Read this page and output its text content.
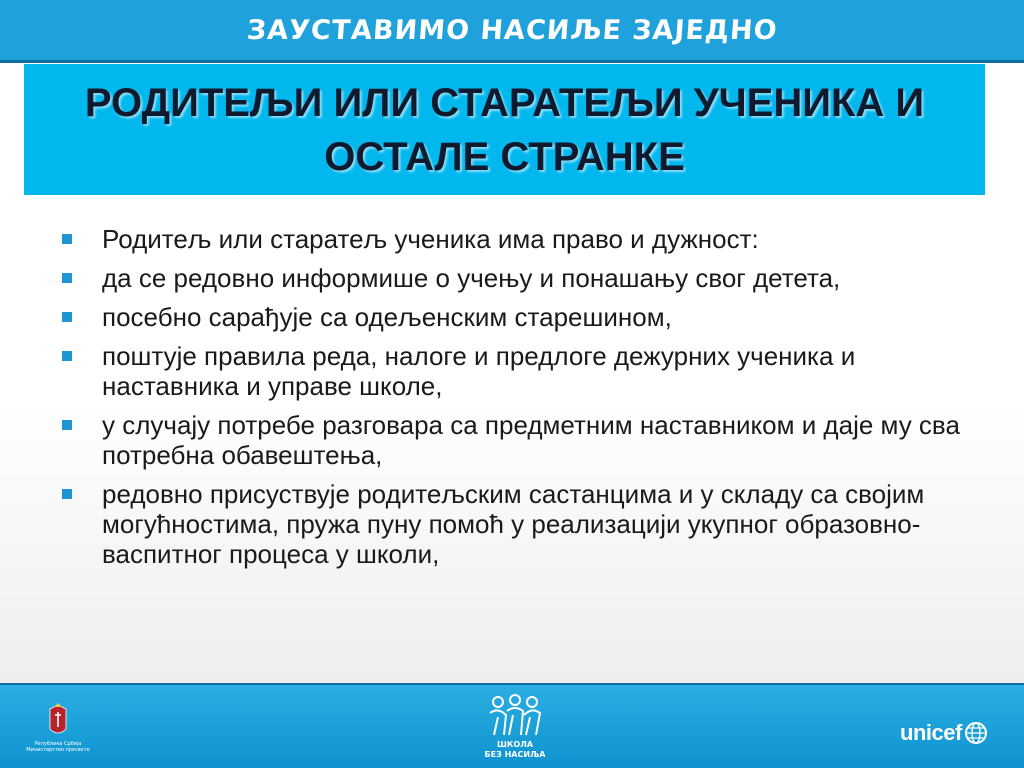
ЗАУСТАВИМО НАСИЉЕ ЗАЈЕДНО
РОДИТЕЉИ ИЛИ СТАРАТЕЉИ УЧЕНИКА И ОСТАЛЕ СТРАНКЕ
Родитељ или старатељ ученика има право и дужност:
да се редовно информише о учењу и понашању свог детета,
посебно сарађује са одељенским старешином,
поштује правила реда, налоге и предлоге дежурних ученика и наставника и управе школе,
у случају потребе разговара са предметним наставником и даје му сва потребна обавештења,
редовно присуствује родитељским састанцима и у складу са својим могућностима, пружа пуну помоћ у реализацији укупног образовно-васпитног процеса у школи,
Република Србија Министарство просвете
ШКОЛА
БЕЗ НАСИЉА
unicef
